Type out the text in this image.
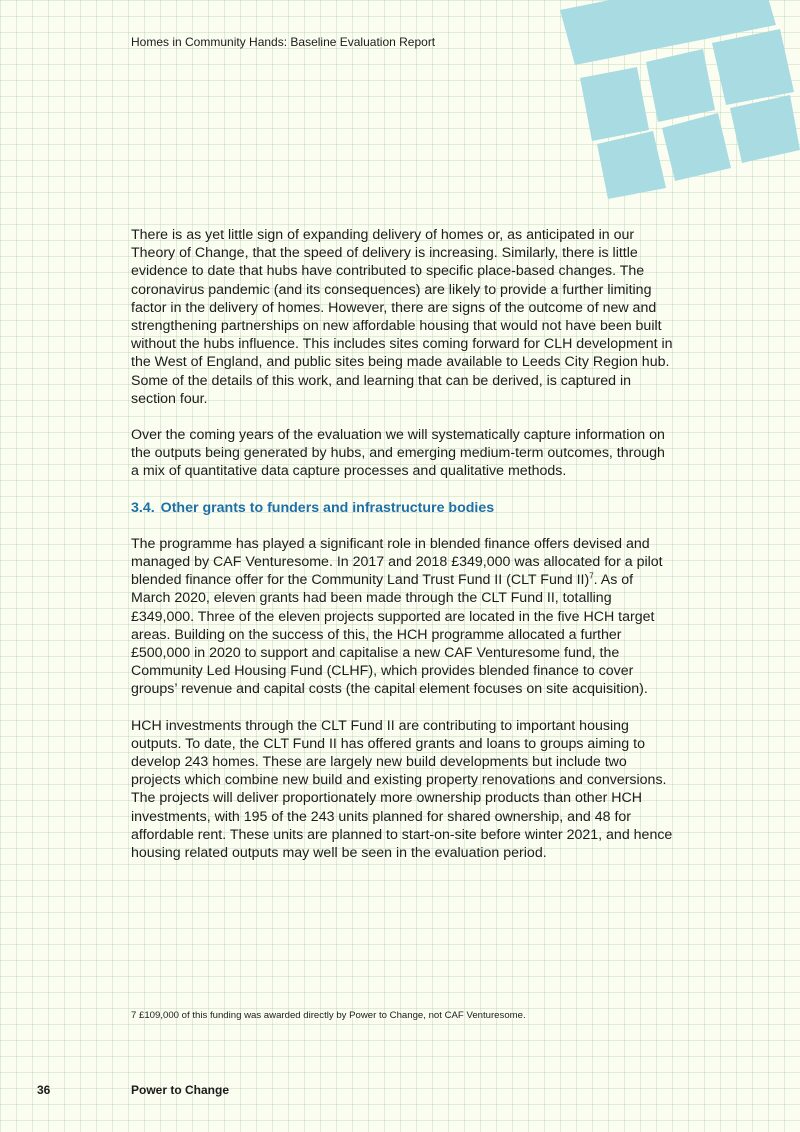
Homes in Community Hands: Baseline Evaluation Report

There is as yet little sign of expanding delivery of homes or, as anticipated in our Theory of Change, that the speed of delivery is increasing. Similarly, there is little evidence to date that hubs have contributed to specific place-based changes. The coronavirus pandemic (and its consequences) are likely to provide a further limiting factor in the delivery of homes. However, there are signs of the outcome of new and strengthening partnerships on new affordable housing that would not have been built without the hubs influence. This includes sites coming forward for CLH development in the West of England, and public sites being made available to Leeds City Region hub. Some of the details of this work, and learning that can be derived, is captured in section four.

Over the coming years of the evaluation we will systematically capture information on the outputs being generated by hubs, and emerging medium-term outcomes, through a mix of quantitative data capture processes and qualitative methods.

3.4. Other grants to funders and infrastructure bodies

The programme has played a significant role in blended finance offers devised and managed by CAF Venturesome. In 2017 and 2018 £349,000 was allocated for a pilot blended finance offer for the Community Land Trust Fund II (CLT Fund II)$^7$. As of March 2020, eleven grants had been made through the CLT Fund II, totalling £349,000. Three of the eleven projects supported are located in the five HCH target areas. Building on the success of this, the HCH programme allocated a further £500,000 in 2020 to support and capitalise a new CAF Venturesome fund, the Community Led Housing Fund (CLHF), which provides blended finance to cover groups’ revenue and capital costs (the capital element focuses on site acquisition).

HCH investments through the CLT Fund II are contributing to important housing outputs. To date, the CLT Fund II has offered grants and loans to groups aiming to develop 243 homes. These are largely new build developments but include two projects which combine new build and existing property renovations and conversions. The projects will deliver proportionately more ownership products than other HCH investments, with 195 of the 243 units planned for shared ownership, and 48 for affordable rent. These units are planned to start-on-site before winter 2021, and hence housing related outputs may well be seen in the evaluation period.

7 £109,000 of this funding was awarded directly by Power to Change, not CAF Venturesome.
36	Power to Change
